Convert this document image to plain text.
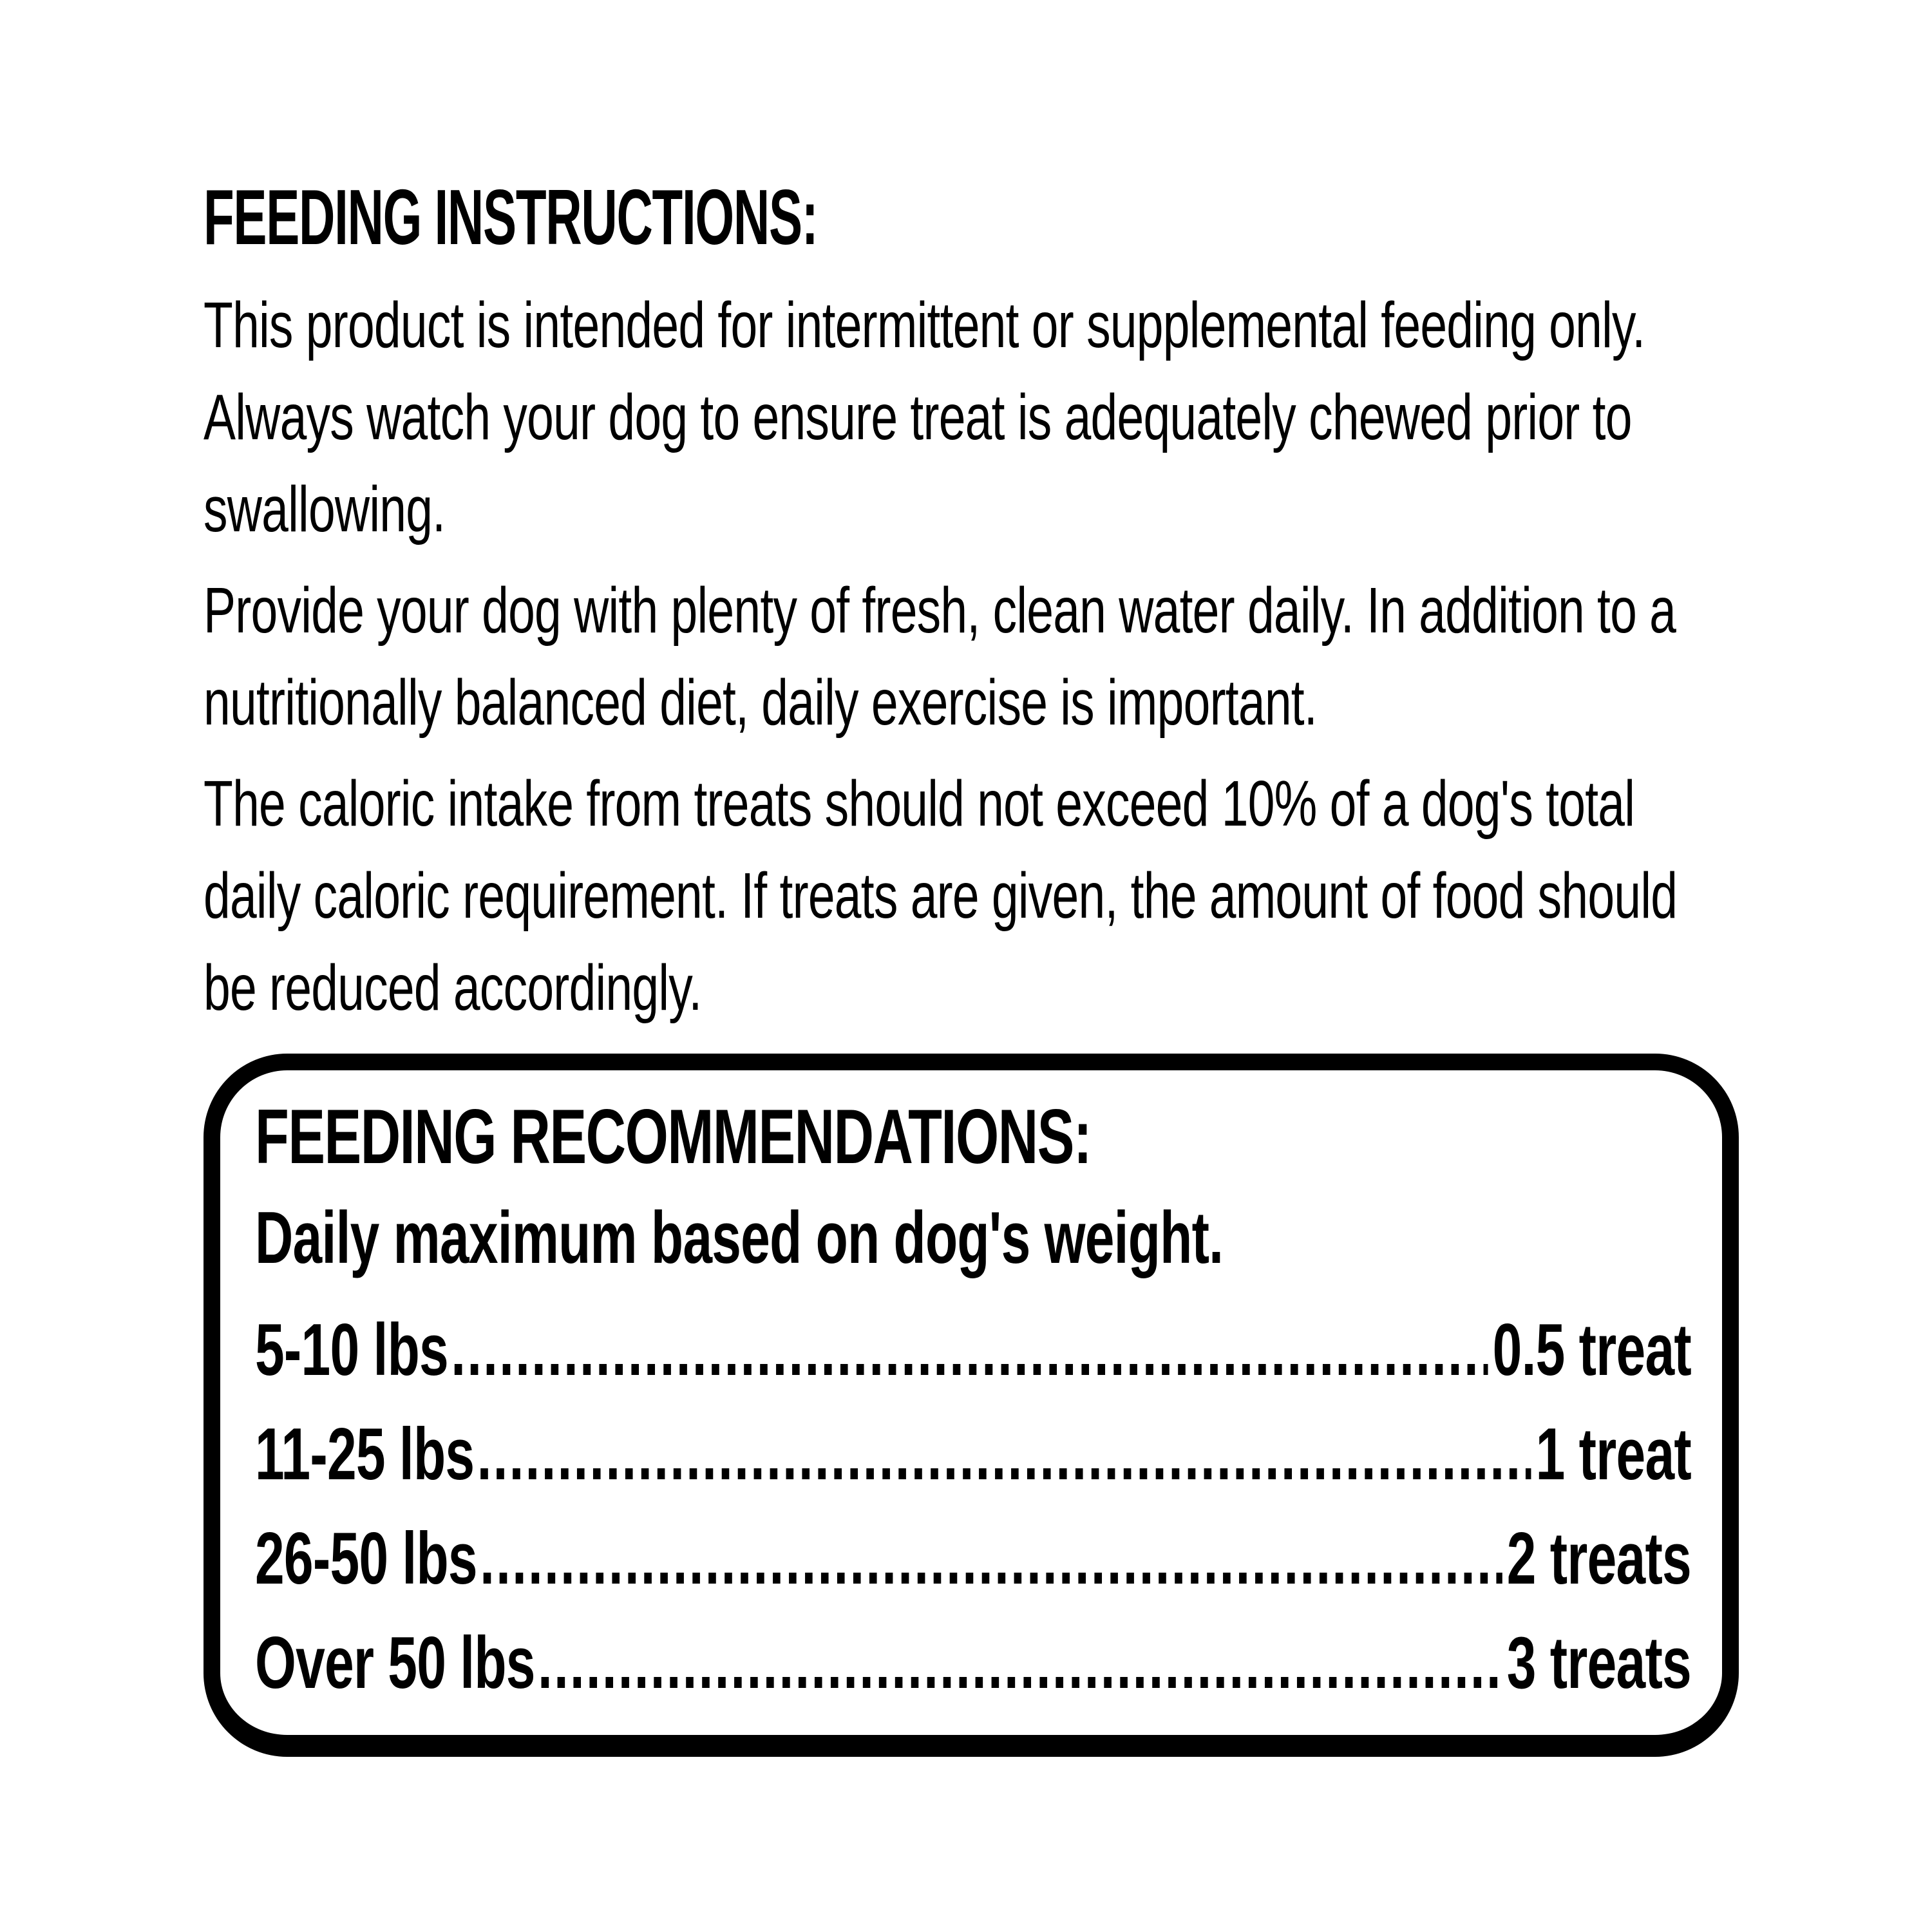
FEEDING INSTRUCTIONS:
This product is intended for intermittent or supplemental feeding only.
Always watch your dog to ensure treat is adequately chewed prior to
swallowing.
Provide your dog with plenty of fresh, clean water daily. In addition to a
nutritionally balanced diet, daily exercise is important.
The caloric intake from treats should not exceed 10% of a dog's total
daily caloric requirement. If treats are given, the amount of food should
be reduced accordingly.
FEEDING RECOMMENDATIONS:
Daily maximum based on dog's weight.
5-10 lbs .....	0.5 treat
11-25 lbs .....	1 treat
26-50 lbs .....	2 treats
Over 50 lbs .....	3 treats
